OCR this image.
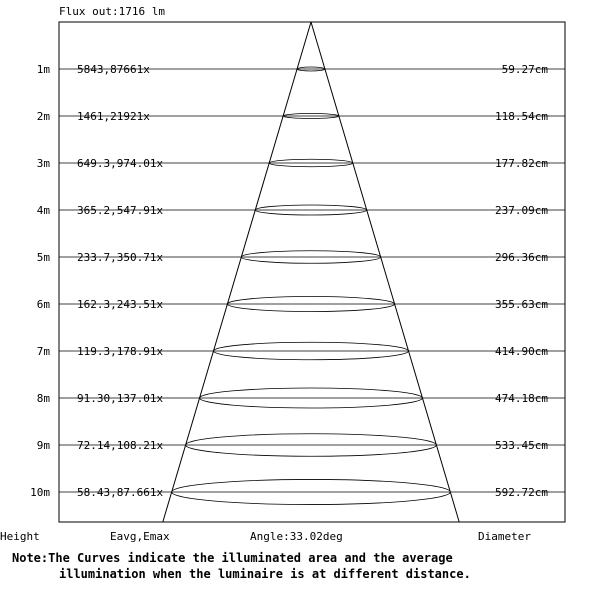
Flux out:1716 lm
1m 5843,87661x	59.27cm
2m 1461,21921x	118.54cm
3m 649.3,974.01x	177.82cm
4m 365.2,547.91x	237.09cm
5m 233.7,350.71x	296.36cm
6m 162.3,243.51x	355.63cm
7m 119.3,178.91x	414.90cm
8m 91.30,137.01x	474.18cm
9m 72.14,108.21x	533.45cm
10m 58.43,87.661x	592.72cm
Height	Eavg,Emax	Angle:33.02deg	Diameter
Note:The Curves indicate the illuminated area and the average
illumination when the luminaire is at different distance.
